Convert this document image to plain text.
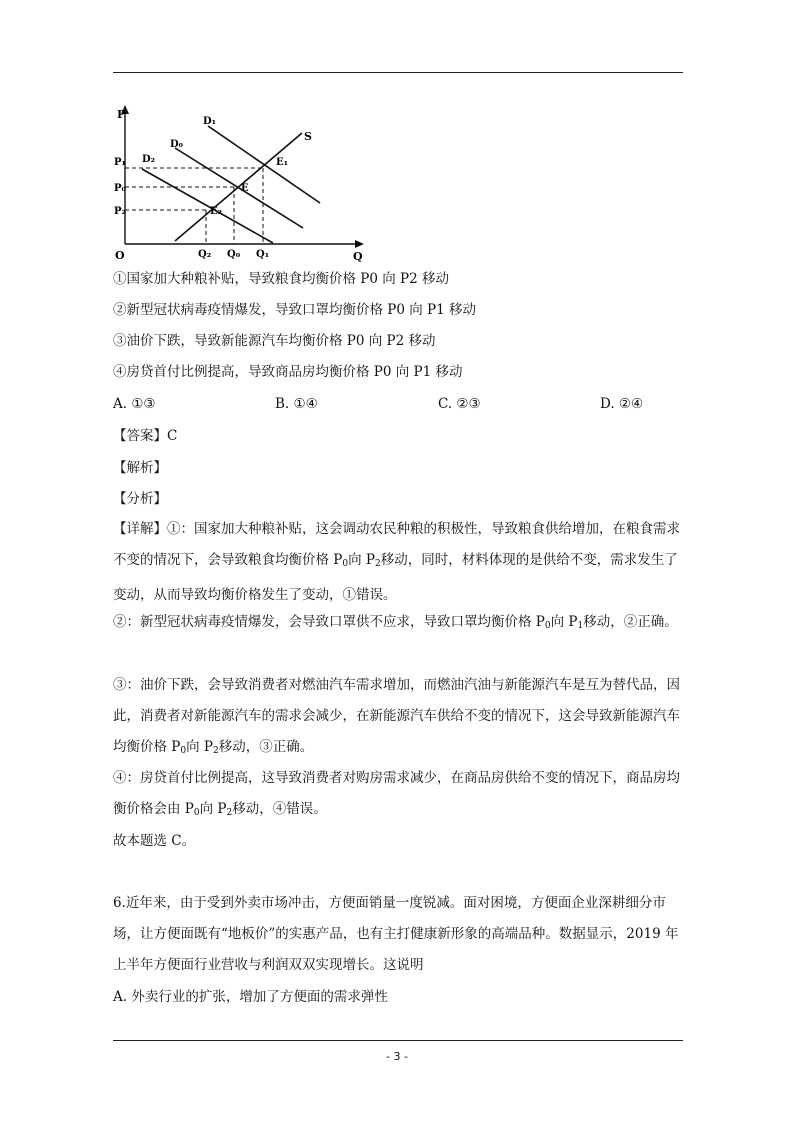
P
Q
O
S
D₁
D₀
D₂	E₁
E
E₂
P₁
P₀
P₂
Q₂ Q₀ Q₁
①国家加大种粮补贴，导致粮食均衡价格 P0 向 P2 移动
②新型冠状病毒疫情爆发，导致口罩均衡价格 P0 向 P1 移动
③油价下跌，导致新能源汽车均衡价格 P0 向 P2 移动
④房贷首付比例提高，导致商品房均衡价格 P0 向 P1 移动
A. ①③	B. ①④	C. ②③	D. ②④
【答案】C
【解析】
【分析】
【详解】①：国家加大种粮补贴，这会调动农民种粮的积极性，导致粮食供给增加，在粮食需求不变的情况下，会导致粮食均衡价格 $P_0$向 $P_2$移动，同时，材料体现的是供给不变，需求发生了变动，从而导致均衡价格发生了变动，①错误。
②：新型冠状病毒疫情爆发，会导致口罩供不应求，导致口罩均衡价格 $P_0$向 $P_1$移动，②正确。
③：油价下跌，会导致消费者对燃油汽车需求增加，而燃油汽油与新能源汽车是互为替代品，因此，消费者对新能源汽车的需求会减少，在新能源汽车供给不变的情况下，这会导致新能源汽车均衡价格 $P_0$向 $P_2$移动，③正确。
④：房贷首付比例提高，这导致消费者对购房需求减少，在商品房供给不变的情况下，商品房均衡价格会由 $P_0$向 $P_2$移动，④错误。
故本题选 C。
6.近年来，由于受到外卖市场冲击，方便面销量一度锐减。面对困境，方便面企业深耕细分市场，让方便面既有“地板价”的实惠产品，也有主打健康新形象的高端品种。数据显示，2019 年上半年方便面行业营收与利润双双实现增长。这说明
A. 外卖行业的扩张，增加了方便面的需求弹性
- 3 -
